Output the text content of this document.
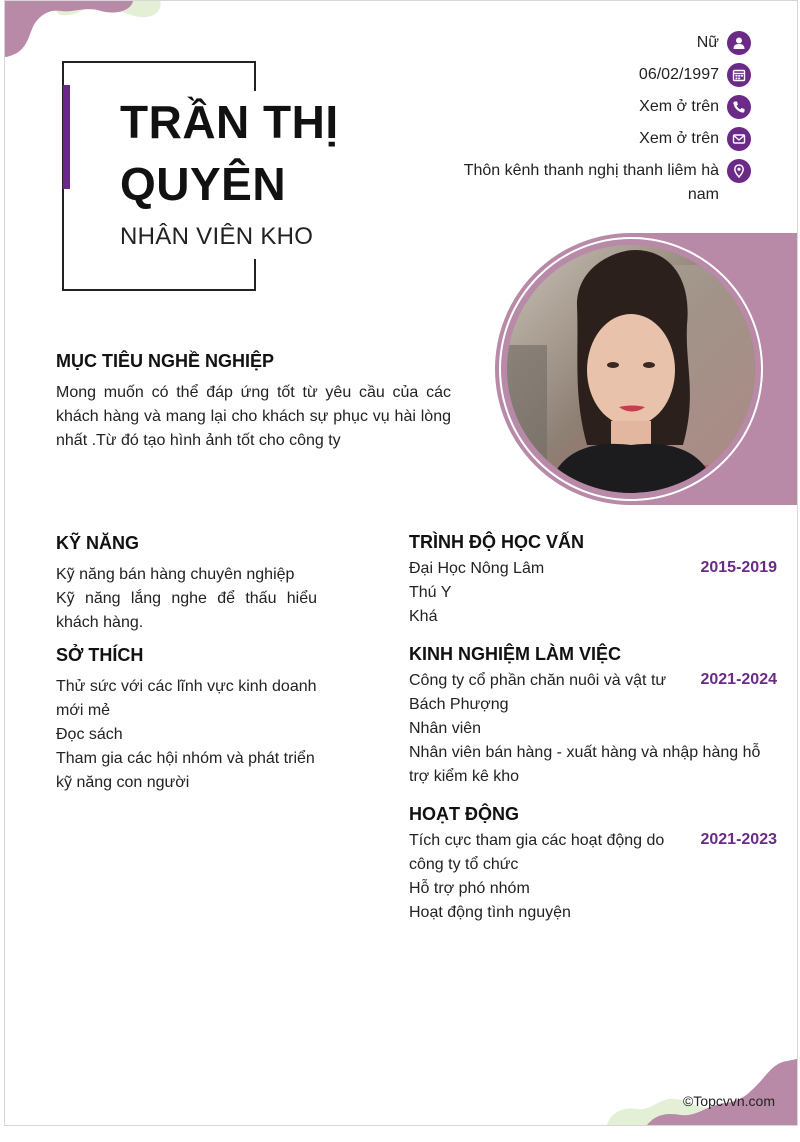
TRẦN THỊ
QUYÊN
NHÂN VIÊN KHO
Nữ
06/02/1997
Xem ở trên
Xem ở trên
Thôn kênh thanh nghị thanh liêm hà nam
MỤC TIÊU NGHỀ NGHIỆP
Mong muốn có thể đáp ứng tốt từ yêu cầu của các khách hàng và mang lại cho khách sự phục vụ hài lòng nhất .Từ đó tạo hình ảnh tốt cho công ty
KỸ NĂNG
Kỹ năng bán hàng chuyên nghiệp
Kỹ năng lắng nghe để thấu hiểu khách hàng.
SỞ THÍCH
Thử sức với các lĩnh vực kinh doanh mới mẻ
Đọc sách
Tham gia các hội nhóm và phát triển kỹ năng con người
TRÌNH ĐỘ HỌC VẤN
Đại Học Nông Lâm	2015-2019
Thú Y
Khá
KINH NGHIỆM LÀM VIỆC
Công ty cổ phần chăn nuôi và vật tư Bách Phượng
2021-2024
Nhân viên
Nhân viên bán hàng - xuất hàng và nhập hàng hỗ trợ kiểm kê kho
HOẠT ĐỘNG
Tích cực tham gia các hoạt động do công ty tổ chức
2021-2023
Hỗ trợ phó nhóm
Hoạt động tình nguyện
©Topcvvn.com
